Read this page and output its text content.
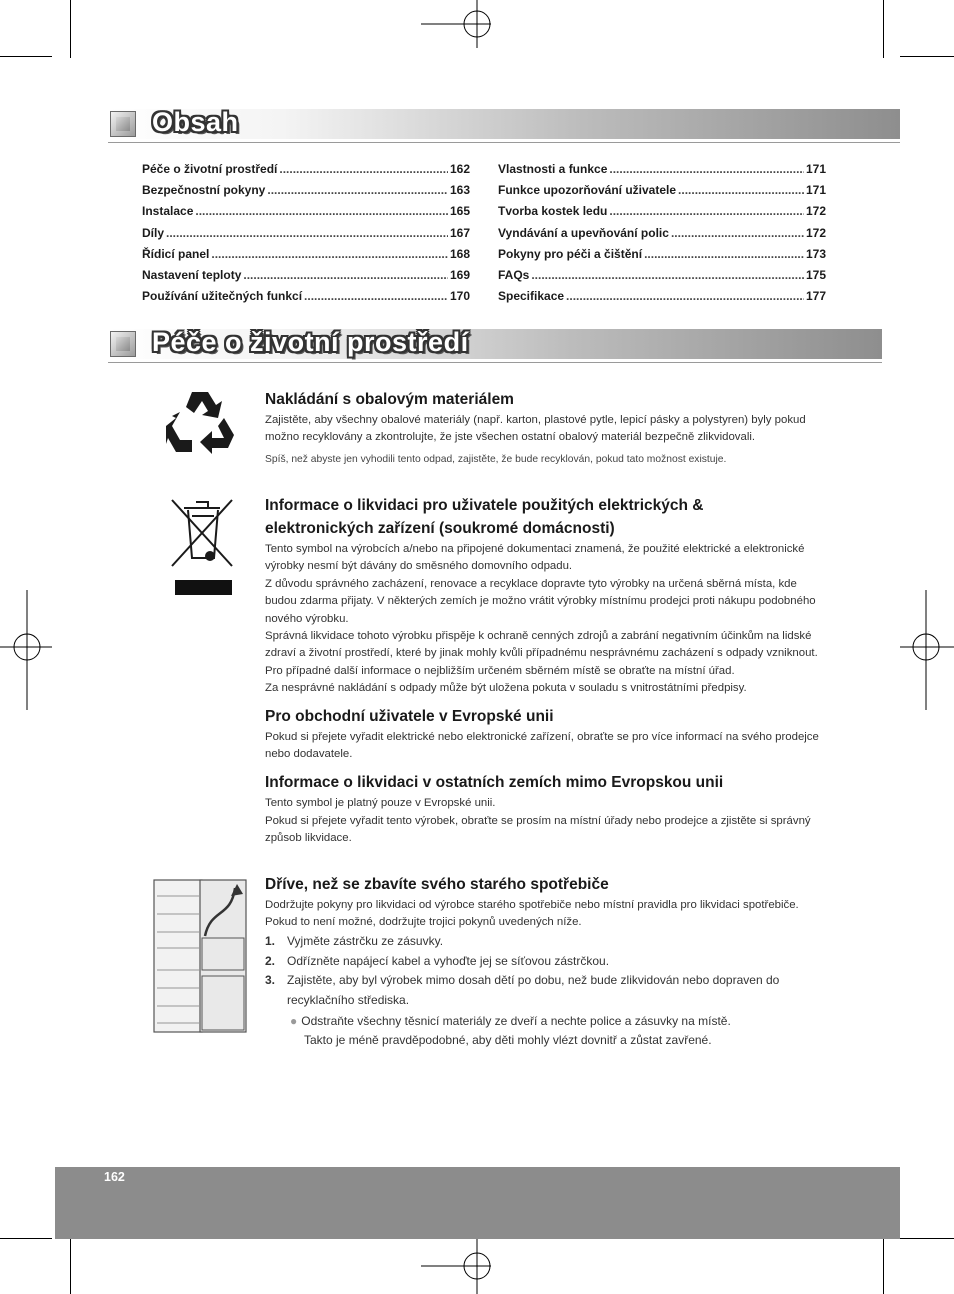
Obsah
Péče o životní prostředí .....	162
Bezpečnostní pokyny .....	163
Instalace .....	165
Díly .....	167
Řídicí panel .....	168
Nastavení teploty .....	169
Používání užitečných funkcí .....	170
Vlastnosti a funkce .....	171
Funkce upozorňování uživatele .....	171
Tvorba kostek ledu .....	172
Vyndávání a upevňování polic .....	172
Pokyny pro péči a čištění .....	173
FAQs .....	175
Specifikace .....	177
Péče o životní prostředí
Nakládání s obalovým materiálem
Zajistěte, aby všechny obalové materiály (např. karton, plastové pytle, lepicí pásky a polystyren) byly pokud možno recyklovány a zkontrolujte, že jste všechen ostatní obalový materiál bezpečně zlikvidovali.
Spíš, než abyste jen vyhodili tento odpad, zajistěte, že bude recyklován, pokud tato možnost existuje.
Informace o likvidaci pro uživatele použitých elektrických &
elektronických zařízení (soukromé domácnosti)
Tento symbol na výrobcích a/nebo na připojené dokumentaci znamená, že použité elektrické a elektronické výrobky nesmí být dávány do směsného domovního odpadu.
Z důvodu správného zacházení, renovace a recyklace dopravte tyto výrobky na určená sběrná místa, kde budou zdarma přijaty. V některých zemích je možno vrátit výrobky místnímu prodejci proti nákupu podobného nového výrobku.
Správná likvidace tohoto výrobku přispěje k ochraně cenných zdrojů a zabrání negativním účinkům na lidské zdraví a životní prostředí, které by jinak mohly kvůli případnému nesprávnému zacházení s odpady vzniknout. Pro případné další informace o nejbližším určeném sběrném místě se obraťte na místní úřad.
Za nesprávné nakládání s odpady může být uložena pokuta v souladu s vnitrostátními předpisy.
Pro obchodní uživatele v Evropské unii
Pokud si přejete vyřadit elektrické nebo elektronické zařízení, obraťte se pro více informací na svého prodejce nebo dodavatele.
Informace o likvidaci v ostatních zemích mimo Evropskou unii
Tento symbol je platný pouze v Evropské unii.
Pokud si přejete vyřadit tento výrobek, obraťte se prosím na místní úřady nebo prodejce a zjistěte si správný způsob likvidace.
Dříve, než se zbavíte svého starého spotřebiče
Dodržujte pokyny pro likvidaci od výrobce starého spotřebiče nebo místní pravidla pro likvidaci spotřebiče. Pokud to není možné, dodržujte trojici pokynů uvedených níže.
1. Vyjměte zástrčku ze zásuvky.
2. Odřízněte napájecí kabel a vyhoďte jej se síťovou zástrčkou.
3. Zajistěte, aby byl výrobek mimo dosah dětí po dobu, než bude zlikvidován nebo dopraven do recyklačního střediska.
● Odstraňte všechny těsnicí materiály ze dveří a nechte police a zásuvky na místě.
Takto je méně pravděpodobné, aby děti mohly vlézt dovnitř a zůstat zavřené.
162
